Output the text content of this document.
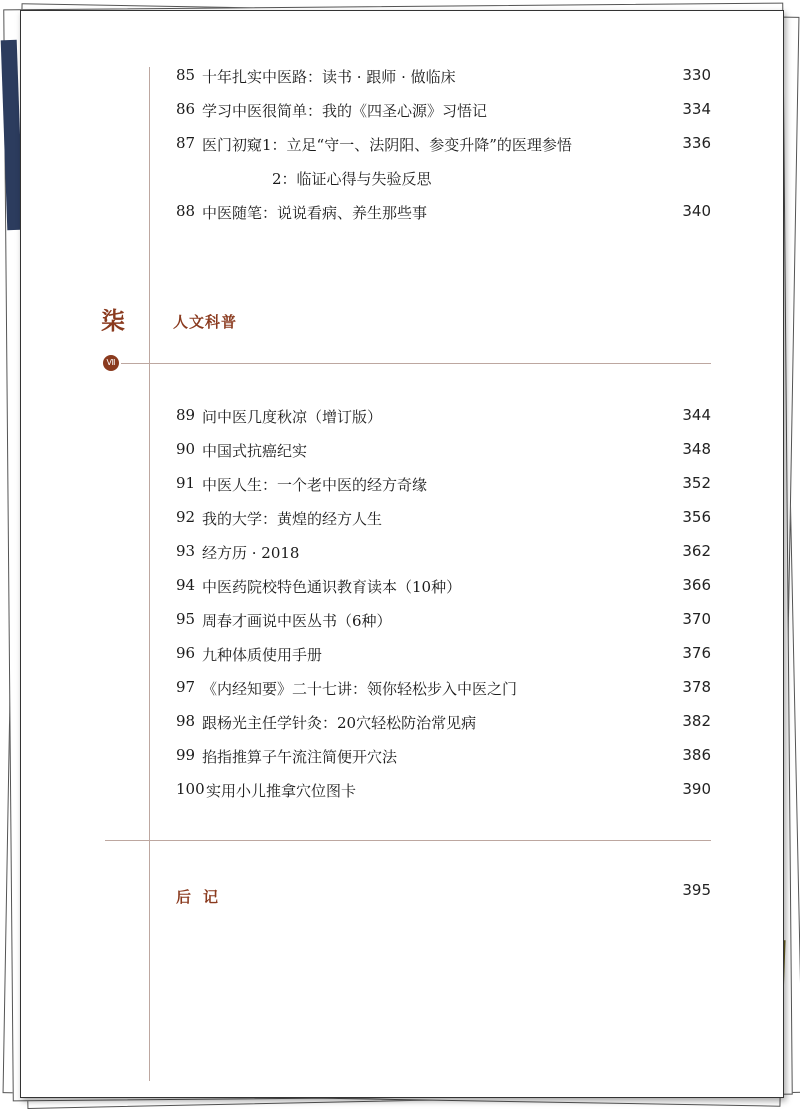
85 十年扎实中医路：读书 · 跟师 · 做临床	330
86 学习中医很简单：我的《四圣心源》习悟记	334
87 医门初窥1：立足“守一、法阴阳、参变升降”的医理参悟	336
2：临证心得与失验反思
88 中医随笔：说说看病、养生那些事	340
柒	人文科普
Ⅶ
89 问中医几度秋凉（增订版）	344
90 中国式抗癌纪实	348
91 中医人生：一个老中医的经方奇缘	352
92 我的大学：黄煌的经方人生	356
93 经方历 · 2018	362
94 中医药院校特色通识教育读本（10种）	366
95 周春才画说中医丛书（6种）	370
96 九种体质使用手册	376
97 《内经知要》二十七讲：领你轻松步入中医之门	378
98 跟杨光主任学针灸：20穴轻松防治常见病	382
99 掐指推算子午流注简便开穴法	386
100 实用小儿推拿穴位图卡	390
后记	395
